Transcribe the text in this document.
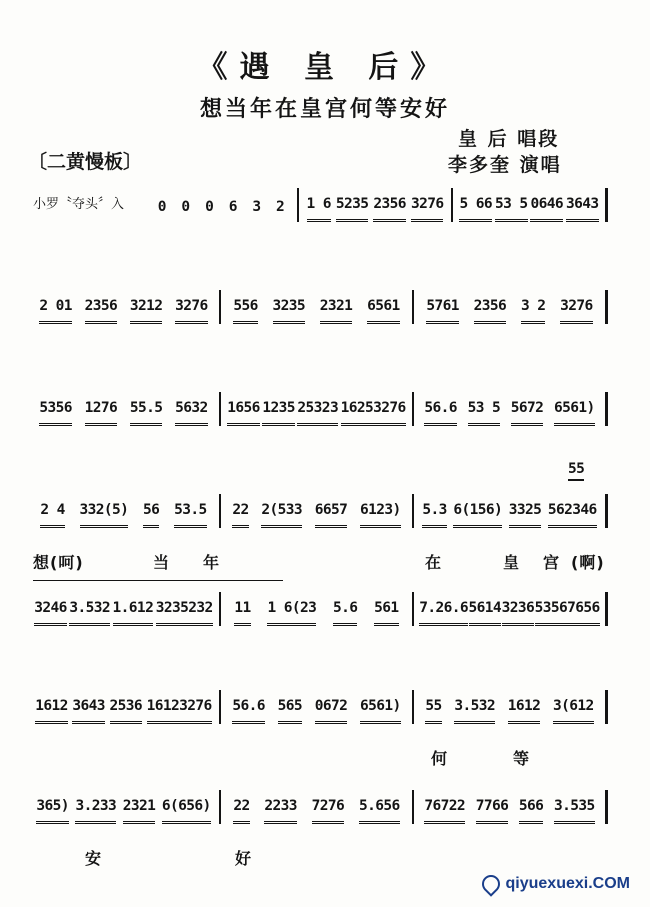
《遇 皇 后》
想当年在皇宫何等安好
皇 后 唱段
李多奎 演唱
〔二黄慢板〕
小罗〝夺头〞入 0 0 0 6 3 2 1 6 5235 2356 3276 5 66 53 5 0646 3643
2 01 2356 3212 3276 556 3235 2321 6561 5761 2356 3 2 3276
5356 1276 55.5 5632 1656 1235 25323 16253276 56.6 53 5 5672 6561)
2 4 332(5) 56 53.5 22 2(533 6657 6123) 5.3 6(156) 3325 562346
55
想(呵)	当 年	在	皇 宫 (啊)
3246 3.532 1.612 3235232 11 1 6(23 5.6 561 7.26.6 5614 3236 53567656
1612 3643 2536 16123276 56.6 565 0672 6561) 55 3.532 1612 3(612
何	等
365) 3.233 2321 6(656) 22 2233 7276 5.656 76722 7766 566 3.535
安	好
qiyuexuexi.COM
